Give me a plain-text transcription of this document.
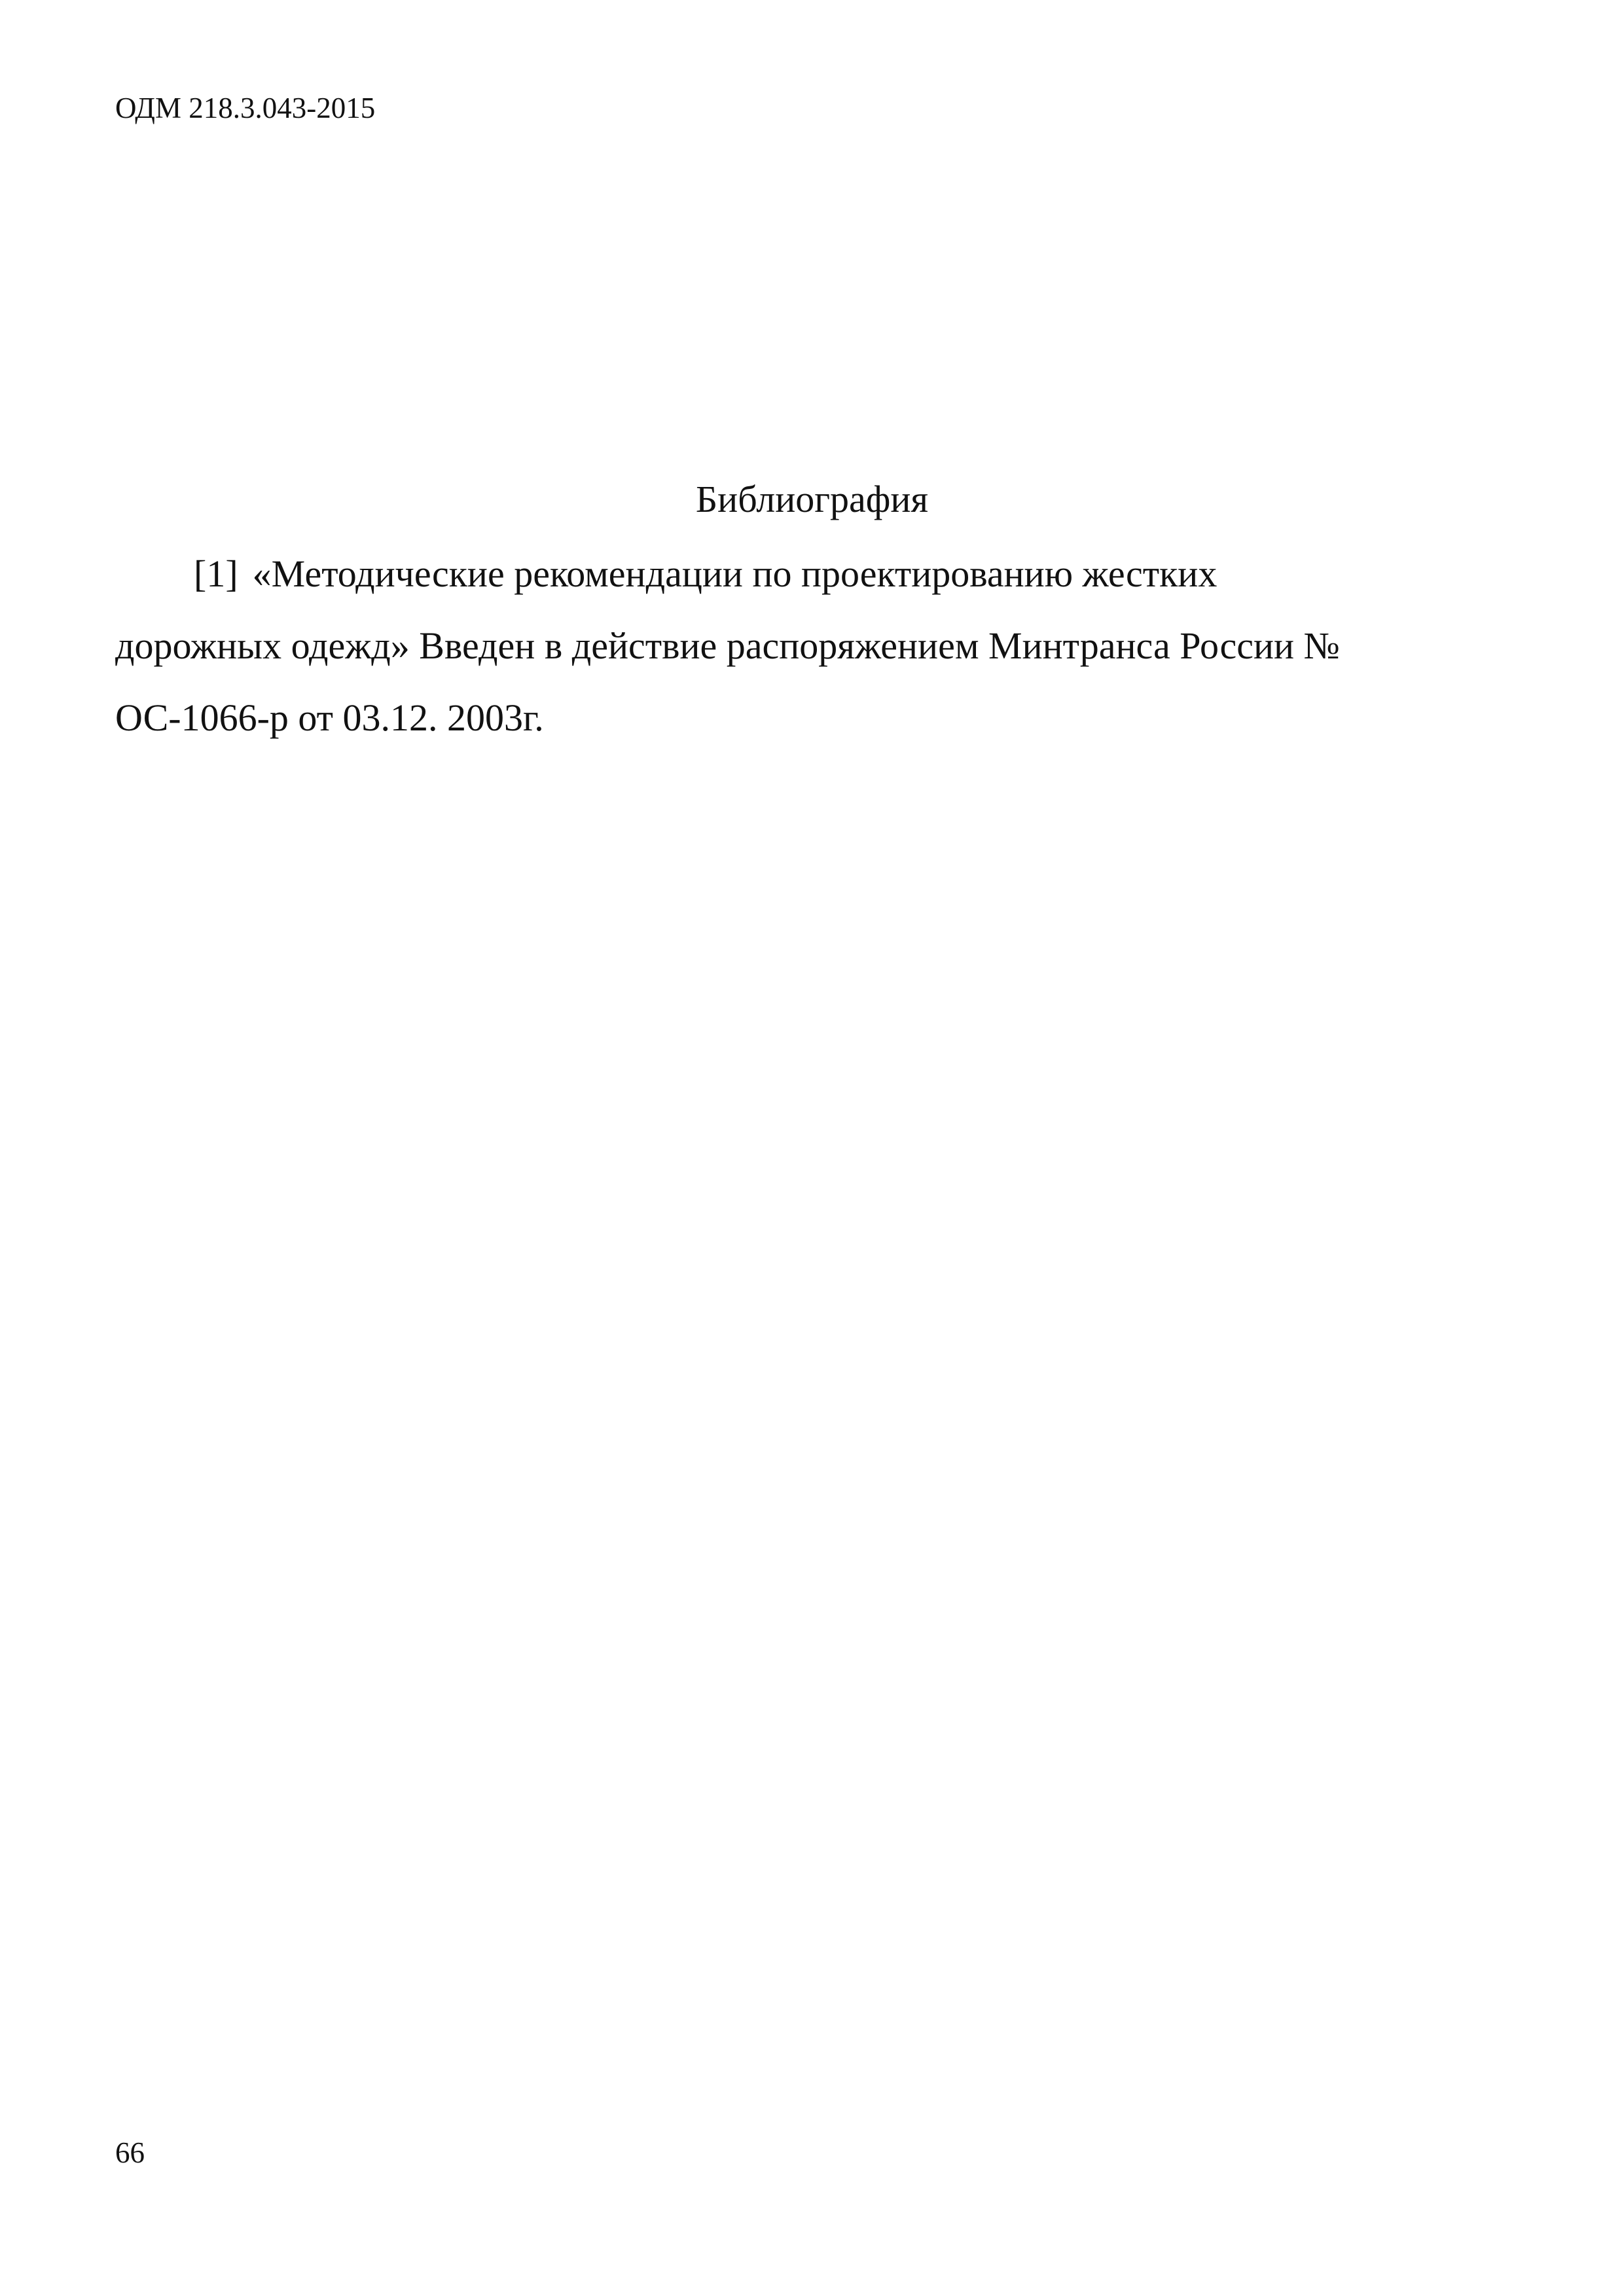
ОДМ 218.3.043-2015
Библиография
[1] «Методические рекомендации по проектированию жестких
дорожных одежд» Введен в действие распоряжением Минтранса России №
ОС-1066-р от 03.12. 2003г.
66
